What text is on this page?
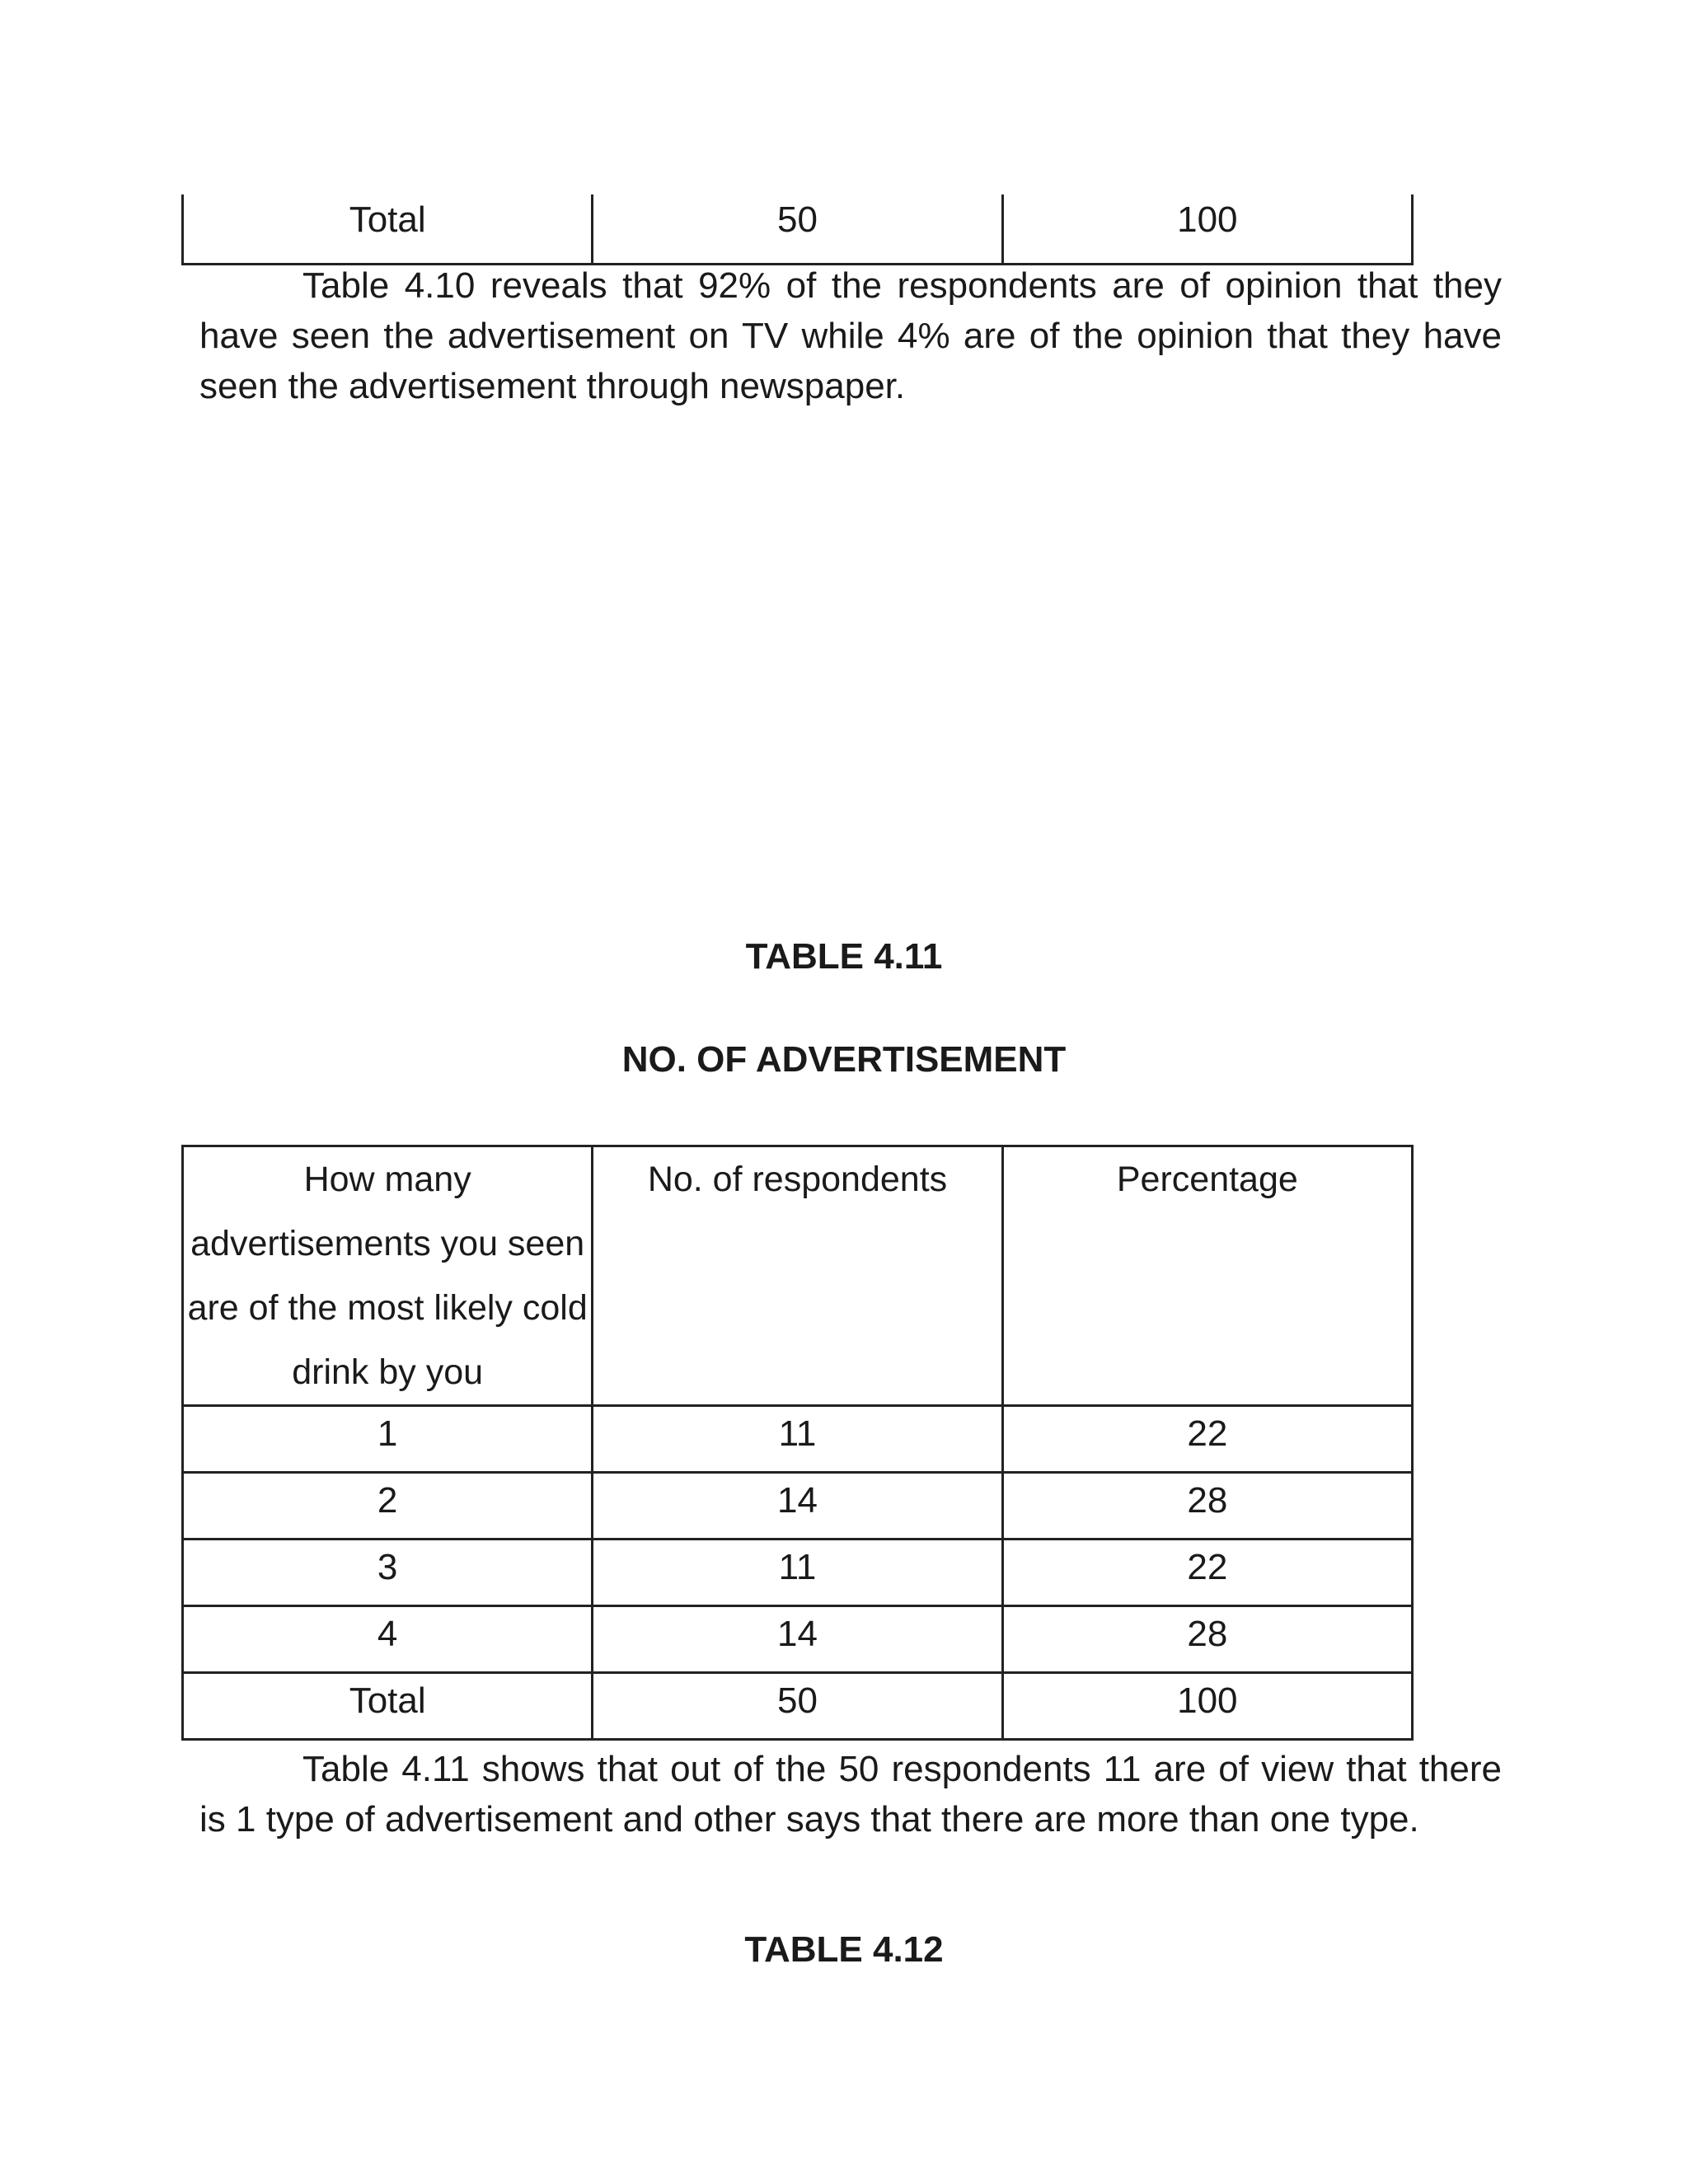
Total	50	100

Table 4.10 reveals that 92% of the respondents are of opinion that they have seen the advertisement on TV while 4% are of the opinion that they have seen the advertisement through newspaper.

TABLE 4.11
NO. OF ADVERTISEMENT
How many advertisements you seen are of the most likely cold drink by you	No. of respondents	Percentage
1	11	22
2	14	28
3	11	22
4	14	28
Total	50	100

Table 4.11 shows that out of the 50 respondents 11 are of view that there is 1 type of advertisement and other says that there are more than one type.

TABLE 4.12
